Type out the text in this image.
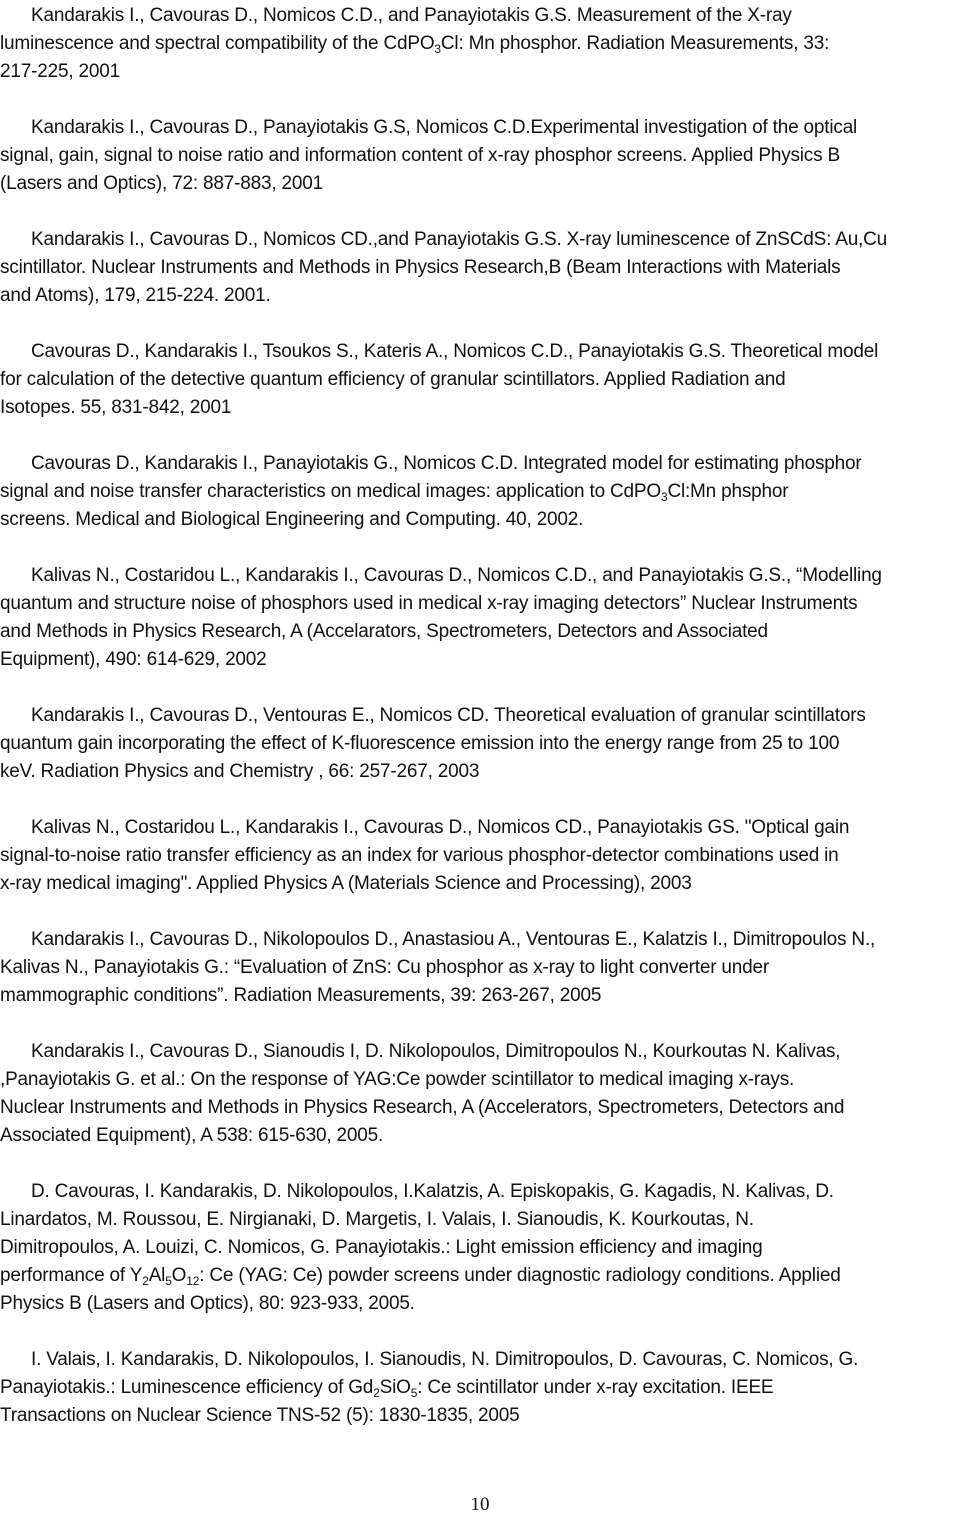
Kandarakis I., Cavouras D., Nomicos C.D., and Panayiotakis G.S. Measurement of the X-ray
luminescence and spectral compatibility of the CdPO$_3$Cl: Mn phosphor. Radiation Measurements, 33:
217-225, 2001
Kandarakis I., Cavouras D., Panayiotakis G.S, Nomicos C.D.Experimental investigation of the optical
signal, gain, signal to noise ratio and information content of x-ray phosphor screens. Applied Physics B
(Lasers and Optics), 72: 887-883, 2001
Kandarakis I., Cavouras D., Nomicos CD.,and Panayiotakis G.S. X-ray luminescence of ZnSCdS: Au,Cu
scintillator. Nuclear Instruments and Methods in Physics Research,B (Beam Interactions with Materials
and Atoms), 179, 215-224. 2001.
Cavouras D., Kandarakis I., Tsoukos S., Kateris A., Nomicos C.D., Panayiotakis G.S. Theoretical model
for calculation of the detective quantum efficiency of granular scintillators. Applied Radiation and
Isotopes. 55, 831-842, 2001
Cavouras D., Kandarakis I., Panayiotakis G., Nomicos C.D. Integrated model for estimating phosphor
signal and noise transfer characteristics on medical images: application to CdPO$_3$Cl:Mn phsphor
screens. Medical and Biological Engineering and Computing. 40, 2002.
Kalivas N., Costaridou L., Kandarakis I., Cavouras D., Nomicos C.D., and Panayiotakis G.S., “Modelling
quantum and structure noise of phosphors used in medical x-ray imaging detectors” Nuclear Instruments
and Methods in Physics Research, A (Accelarators, Spectrometers, Detectors and Associated
Equipment), 490: 614-629, 2002
Kandarakis I., Cavouras D., Ventouras E., Nomicos CD. Theoretical evaluation of granular scintillators
quantum gain incorporating the effect of K-fluorescence emission into the energy range from 25 to 100
keV. Radiation Physics and Chemistry , 66: 257-267, 2003
Kalivas N., Costaridou L., Kandarakis I., Cavouras D., Nomicos CD., Panayiotakis GS. "Optical gain
signal-to-noise ratio transfer efficiency as an index for various phosphor-detector combinations used in
x-ray medical imaging". Applied Physics A (Materials Science and Processing), 2003
Kandarakis I., Cavouras D., Nikolopoulos D., Anastasiou A., Ventouras E., Kalatzis I., Dimitropoulos N.,
Kalivas N., Panayiotakis G.: “Evaluation of ZnS: Cu phosphor as x-ray to light converter under
mammographic conditions”. Radiation Measurements, 39: 263-267, 2005
Kandarakis I., Cavouras D., Sianoudis I, D. Nikolopoulos, Dimitropoulos N., Kourkoutas N. Kalivas,
,Panayiotakis G. et al.: On the response of YAG:Ce powder scintillator to medical imaging x-rays.
Nuclear Instruments and Methods in Physics Research, A (Accelerators, Spectrometers, Detectors and
Associated Equipment), A 538: 615-630, 2005.
D. Cavouras, I. Kandarakis, D. Nikolopoulos, I.Kalatzis, A. Episkopakis, G. Kagadis, N. Kalivas, D.
Linardatos, M. Roussou, E. Nirgianaki, D. Margetis, I. Valais, I. Sianoudis, K. Kourkoutas, N.
Dimitropoulos, A. Louizi, C. Nomicos, G. Panayiotakis.: Light emission efficiency and imaging
performance of $Y_2Al_5O_{12}$: Ce (YAG: Ce) powder screens under diagnostic radiology conditions. Applied
Physics B (Lasers and Optics), 80: 923-933, 2005.
I. Valais, I. Kandarakis, D. Nikolopoulos, I. Sianoudis, N. Dimitropoulos, D. Cavouras, C. Nomicos, G.
Panayiotakis.: Luminescence efficiency of $Gd_2SiO_5$: Ce scintillator under x-ray excitation. IEEE
Transactions on Nuclear Science TNS-52 (5): 1830-1835, 2005
10
